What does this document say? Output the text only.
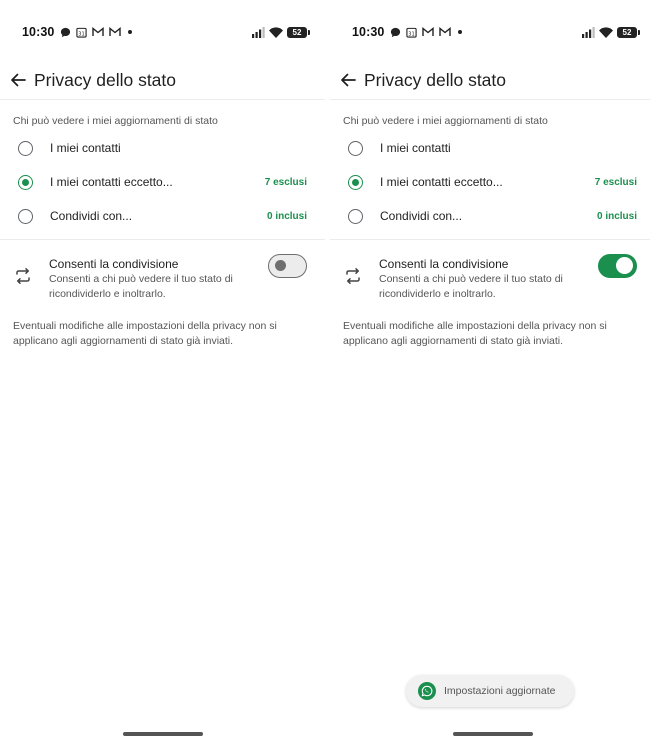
10:30	31	52
Privacy dello stato
Chi può vedere i miei aggiornamenti di stato
I miei contatti
I miei contatti eccetto...	7 esclusi
Condividi con...	0 inclusi
Consenti la condivisione
Consenti a chi può vedere il tuo stato di ricondividerlo e inoltrarlo.
Eventuali modifiche alle impostazioni della privacy non si applicano agli aggiornamenti di stato già inviati.
10:30	31	52
Privacy dello stato
Chi può vedere i miei aggiornamenti di stato
I miei contatti
I miei contatti eccetto...	7 esclusi
Condividi con...	0 inclusi
Consenti la condivisione
Consenti a chi può vedere il tuo stato di ricondividerlo e inoltrarlo.
Eventuali modifiche alle impostazioni della privacy non si applicano agli aggiornamenti di stato già inviati.
Impostazioni aggiornate
